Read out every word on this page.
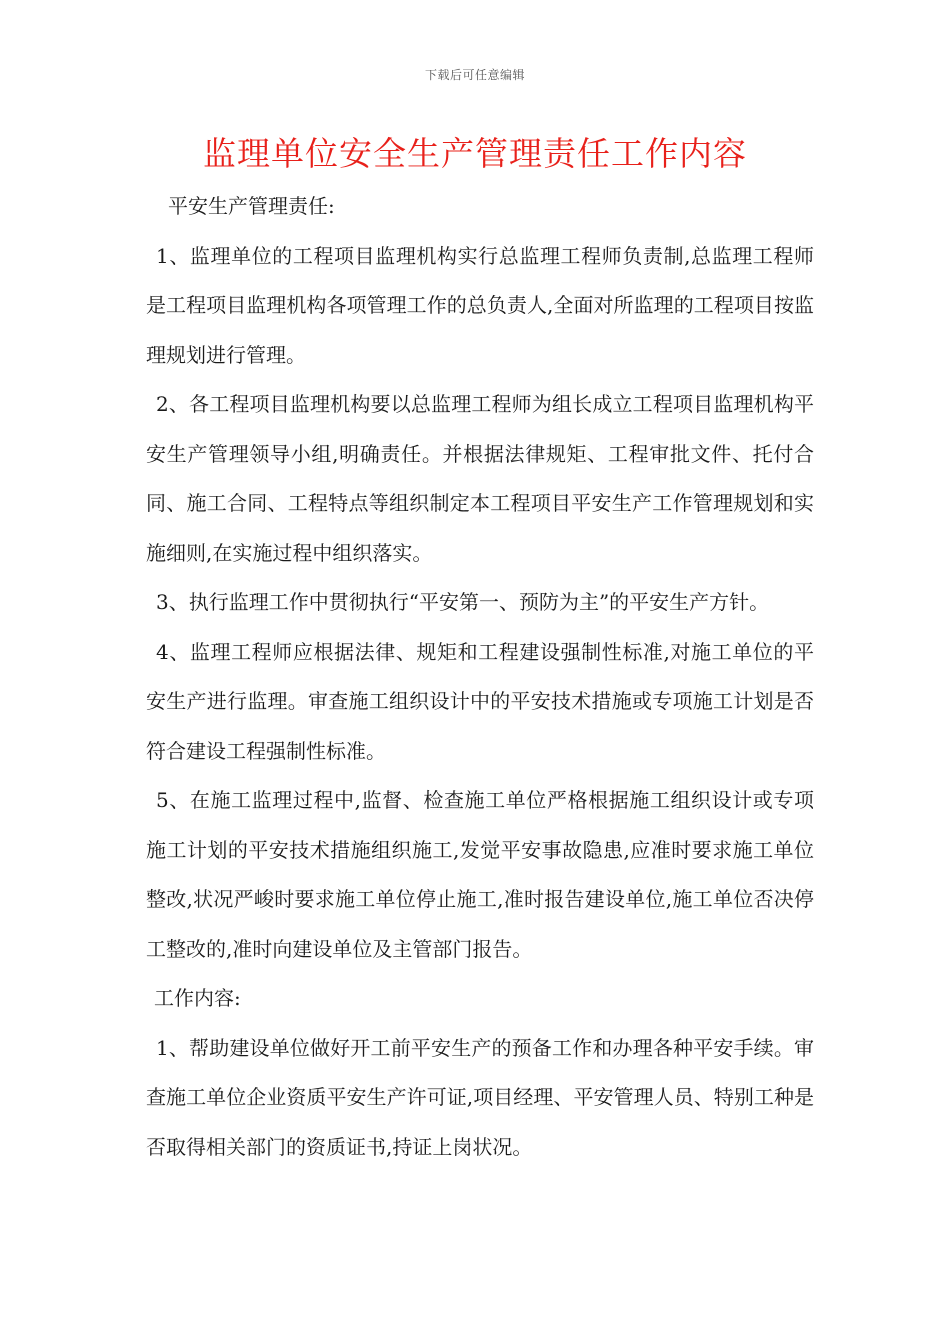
下载后可任意编辑
监理单位安全生产管理责任工作内容

平安生产管理责任:

1、监理单位的工程项目监理机构实行总监理工程师负责制,总监理工程师是工程项目监理机构各项管理工作的总负责人,全面对所监理的工程项目按监理规划进行管理。

2、各工程项目监理机构要以总监理工程师为组长成立工程项目监理机构平安生产管理领导小组,明确责任。并根据法律规矩、工程审批文件、托付合同、施工合同、工程特点等组织制定本工程项目平安生产工作管理规划和实施细则,在实施过程中组织落实。

3、执行监理工作中贯彻执行“平安第一、预防为主”的平安生产方针。

4、监理工程师应根据法律、规矩和工程建设强制性标准,对施工单位的平安生产进行监理。审查施工组织设计中的平安技术措施或专项施工计划是否符合建设工程强制性标准。

5、在施工监理过程中,监督、检查施工单位严格根据施工组织设计或专项施工计划的平安技术措施组织施工,发觉平安事故隐患,应准时要求施工单位整改,状况严峻时要求施工单位停止施工,准时报告建设单位,施工单位否决停工整改的,准时向建设单位及主管部门报告。

工作内容:

1、帮助建设单位做好开工前平安生产的预备工作和办理各种平安手续。审查施工单位企业资质平安生产许可证,项目经理、平安管理人员、特别工种是否取得相关部门的资质证书,持证上岗状况。
